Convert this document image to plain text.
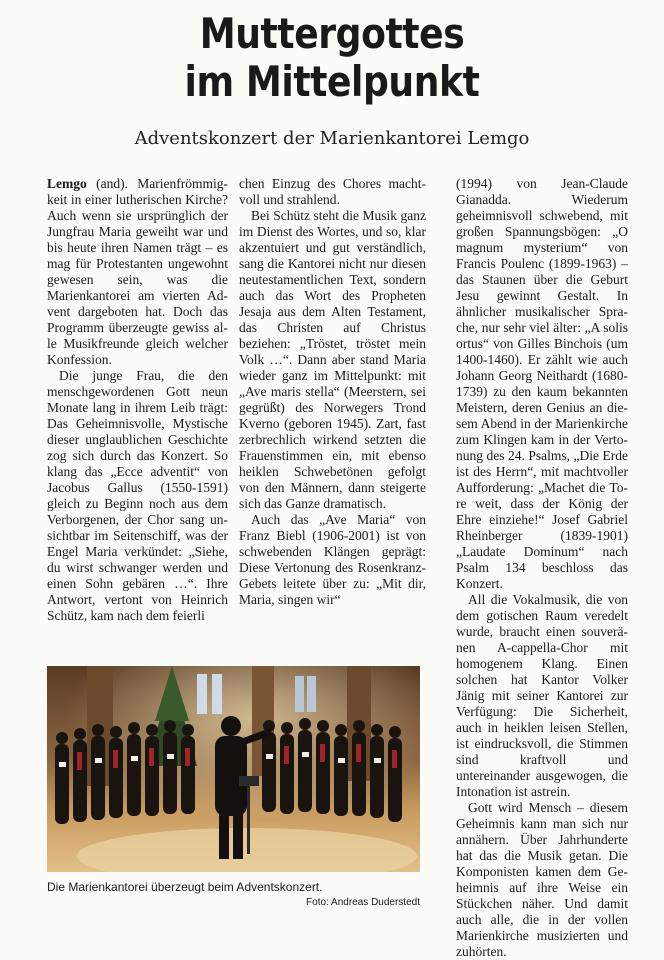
Muttergottes
im Mittelpunkt
Adventskonzert der Marienkantorei Lemgo

Lemgo (and). Marienfrömmigkeit in einer lutherischen Kirche? Auch wenn sie ursprünglich der Jungfrau Maria geweiht war und bis heute ihren Namen trägt – es mag für Protestanten ungewohnt gewesen sein, was die Marienkantorei am vierten Advent dargeboten hat. Doch das Programm überzeugte gewiss alle Musikfreunde gleich welcher Konfession.

Die junge Frau, die den menschgewordenen Gott neun Monate lang in ihrem Leib trägt: Das Geheimnisvolle, Mystische dieser unglaublichen Geschichte zog sich durch das Konzert. So klang das „Ecce adventit“ von Jacobus Gallus (1550-1591) gleich zu Beginn noch aus dem Verborgenen, der Chor sang unsichtbar im Seitenschiff, was der Engel Maria verkündet: „Siehe, du wirst schwanger werden und einen Sohn gebären …“. Ihre Antwort, vertont von Heinrich Schütz, kam nach dem feierli

chen Einzug des Chores machtvoll und strahlend.

Bei Schütz steht die Musik ganz im Dienst des Wortes, und so, klar akzentuiert und gut verständlich, sang die Kantorei nicht nur diesen neutestamentlichen Text, sondern auch das Wort des Propheten Jesaja aus dem Alten Testament, das Christen auf Christus beziehen: „Tröstet, tröstet mein Volk …“. Dann aber stand Maria wieder ganz im Mittelpunkt: mit „Ave maris stella“ (Meerstern, sei gegrüßt) des Norwegers Trond Kverno (geboren 1945). Zart, fast zerbrechlich wirkend setzten die Frauenstimmen ein, mit ebenso heiklen Schwebetönen gefolgt von den Männern, dann steigerte sich das Ganze dramatisch.

Auch das „Ave Maria“ von Franz Biebl (1906-2001) ist von schwebenden Klängen geprägt: Diese Vertonung des Rosenkranz-Gebets leitete über zu: „Mit dir, Maria, singen wir“

(1994) von Jean-Claude Gianadda. Wiederum geheimnisvoll schwebend, mit großen Spannungsbögen: „O magnum mysterium“ von Francis Poulenc (1899-1963) – das Staunen über die Geburt Jesu gewinnt Gestalt. In ähnlicher musikalischer Sprache, nur sehr viel älter: „A solis ortus“ von Gilles Binchois (um 1400-1460). Er zählt wie auch Johann Georg Neithardt (1680-1739) zu den kaum bekannten Meistern, deren Genius an diesem Abend in der Marienkirche zum Klingen kam in der Vertonung des 24. Psalms, „Die Erde ist des Herrn“, mit machtvoller Aufforderung: „Machet die Tore weit, dass der König der Ehre einziehe!“ Josef Gabriel Rheinberger (1839-1901) „Laudate Dominum“ nach Psalm 134 beschloss das Konzert.

All die Vokalmusik, die von dem gotischen Raum veredelt wurde, braucht einen souveränen A-cappella-Chor mit homogenem Klang. Einen solchen hat Kantor Volker Jänig mit seiner Kantorei zur Verfügung: Die Sicherheit, auch in heiklen leisen Stellen, ist eindrucksvoll, die Stimmen sind kraftvoll und untereinander ausgewogen, die Intonation ist astrein.

Gott wird Mensch – diesem Geheimnis kann man sich nur annähern. Über Jahrhunderte hat das die Musik getan. Die Komponisten kamen dem Geheimnis auf ihre Weise ein Stückchen näher. Und damit auch alle, die in der vollen Marienkirche musizierten und zuhörten.

Die Marienkantorei überzeugt beim Adventskonzert.
Foto: Andreas Duderstedt
